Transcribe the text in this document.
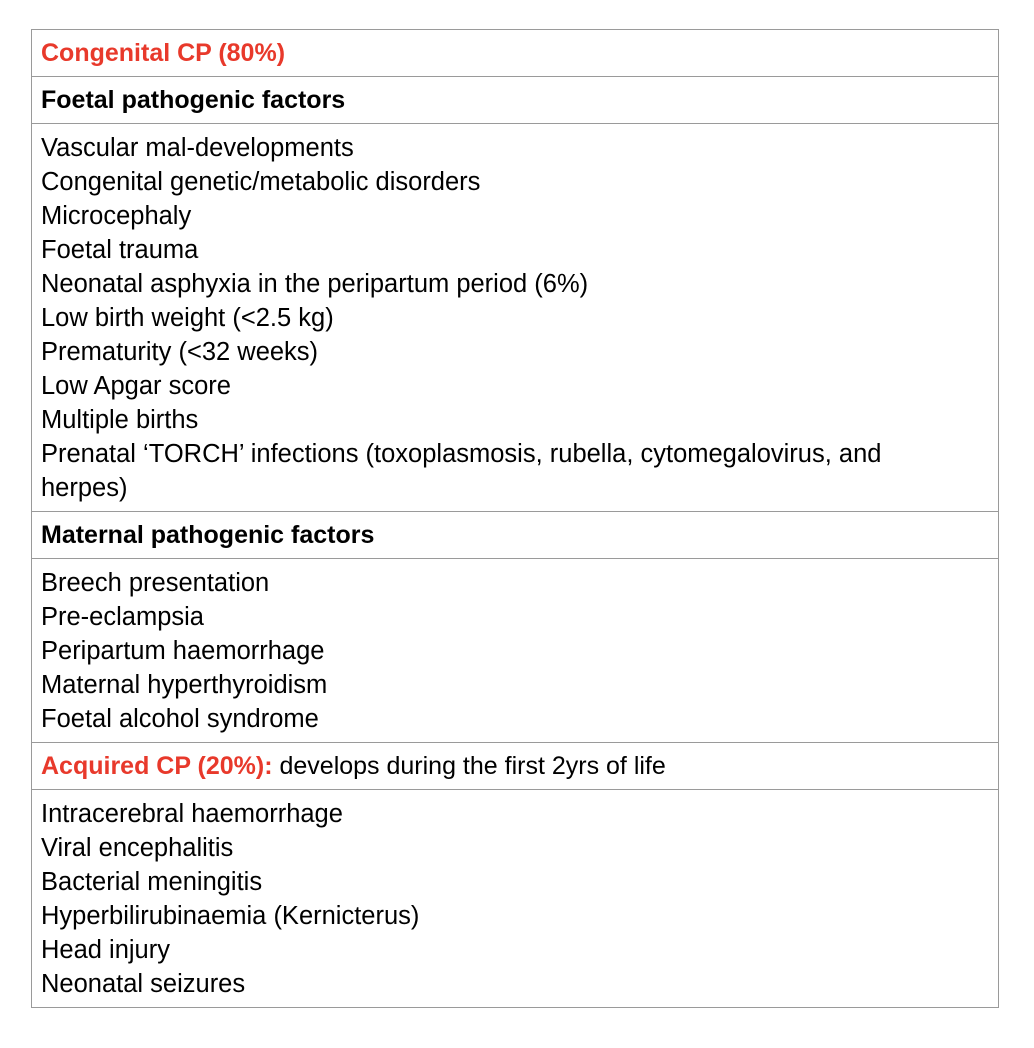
Congenital CP (80%)
Foetal pathogenic factors
Vascular mal-developments
Congenital genetic/metabolic disorders
Microcephaly
Foetal trauma
Neonatal asphyxia in the peripartum period (6%)
Low birth weight (<2.5 kg)
Prematurity (<32 weeks)
Low Apgar score
Multiple births
Prenatal ‘TORCH’ infections (toxoplasmosis, rubella, cytomegalovirus, and herpes)
Maternal pathogenic factors
Breech presentation
Pre-eclampsia
Peripartum haemorrhage
Maternal hyperthyroidism
Foetal alcohol syndrome
Acquired CP (20%): develops during the first 2yrs of life
Intracerebral haemorrhage
Viral encephalitis
Bacterial meningitis
Hyperbilirubinaemia (Kernicterus)
Head injury
Neonatal seizures
